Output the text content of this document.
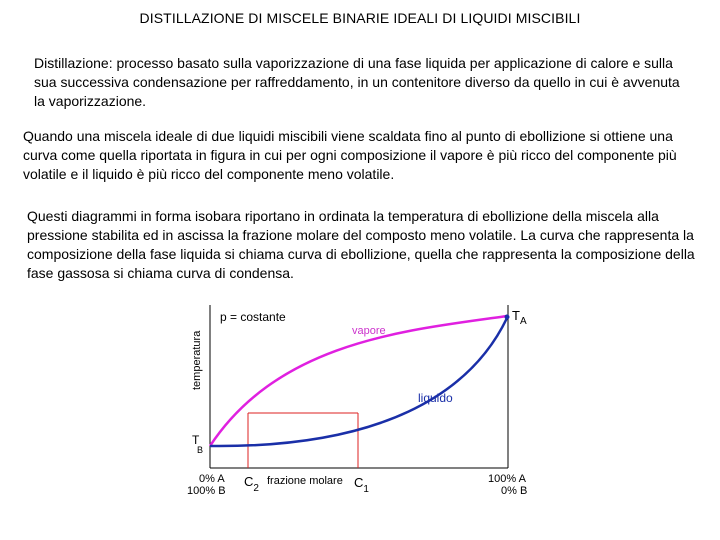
DISTILLAZIONE DI MISCELE BINARIE IDEALI DI LIQUIDI MISCIBILI

Distillazione: processo basato sulla vaporizzazione di una fase liquida per applicazione di calore e sulla sua successiva condensazione per raffreddamento, in un contenitore diverso da quello in cui è avvenuta la vaporizzazione.

Quando una miscela ideale di due liquidi miscibili viene scaldata fino al punto di ebollizione si ottiene una curva come quella riportata in figura in cui per ogni composizione il vapore è più ricco del componente più volatile e il liquido è più ricco del componente meno volatile.

Questi diagrammi in forma isobara riportano in ordinata la temperatura di ebollizione della miscela alla pressione stabilita ed in ascissa la frazione molare del composto meno volatile. La curva che rappresenta la composizione della fase liquida si chiama curva di ebollizione, quella che rappresenta la composizione della fase gassosa si chiama curva di condensa.

temperatura
p = costante
vapore
liquido
$T_A$
T B
0% A
100% B
$C_2$
frazione molare $C_1$
100% A
0% B
